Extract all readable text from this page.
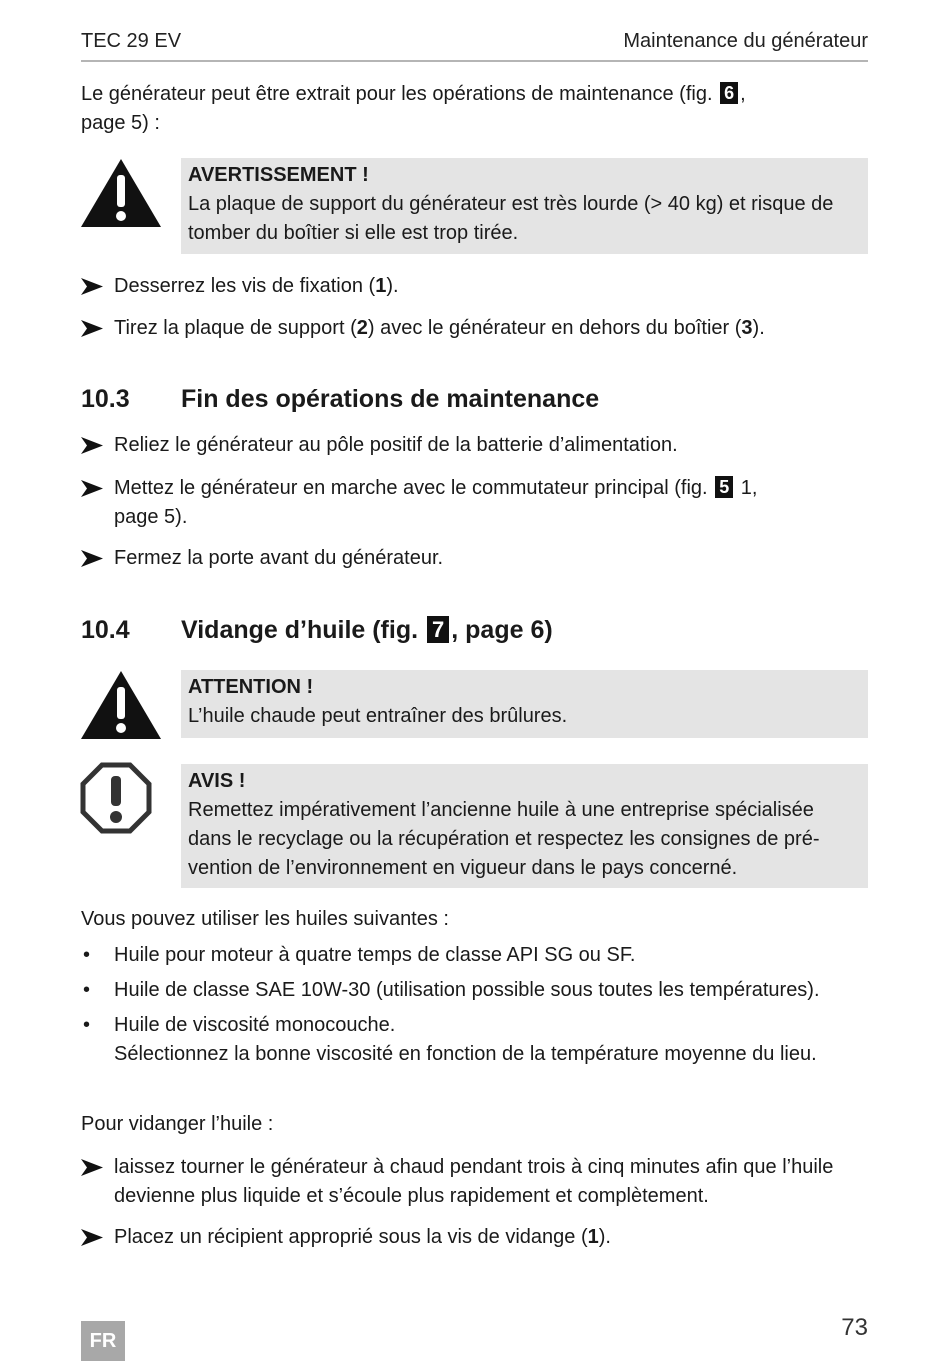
TEC 29 EV	Maintenance du générateur
Le générateur peut être extrait pour les opérations de maintenance (fig. 6 ,
page 5) :
AVERTISSEMENT !
La plaque de support du générateur est très lourde (> 40 kg) et risque de tomber du boîtier si elle est trop tirée.
Desserrez les vis de fixation (1).
Tirez la plaque de support (2) avec le générateur en dehors du boîtier (3).
10.3 Fin des opérations de maintenance
Reliez le générateur au pôle positif de la batterie d’alimentation.
Mettez le générateur en marche avec le commutateur principal (fig. 5 1,
page 5).
Fermez la porte avant du générateur.
10.4 Vidange d’huile (fig. 7 , page 6)
ATTENTION !
L’huile chaude peut entraîner des brûlures.
AVIS !
Remettez impérativement l’ancienne huile à une entreprise spécialisée dans le recyclage ou la récupération et respectez les consignes de pré-vention de l’environnement en vigueur dans le pays concerné.
Vous pouvez utiliser les huiles suivantes :
• Huile pour moteur à quatre temps de classe API SG ou SF.
• Huile de classe SAE 10W-30 (utilisation possible sous toutes les températures).
• Huile de viscosité monocouche.
Sélectionnez la bonne viscosité en fonction de la température moyenne du lieu.
Pour vidanger l’huile :
laissez tourner le générateur à chaud pendant trois à cinq minutes afin que l’huile devienne plus liquide et s’écoule plus rapidement et complètement.
Placez un récipient approprié sous la vis de vidange (1).
FR	73
